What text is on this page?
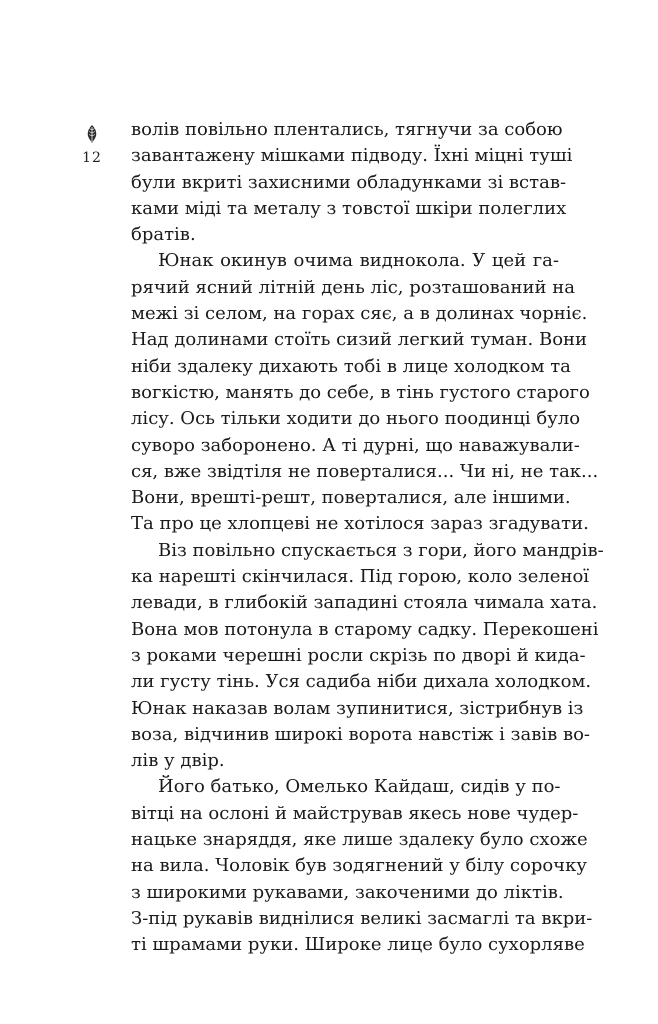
12

волів повільно плентались, тягнучи за собою
завантажену мішками підводу. Їхні міцні туші
були вкриті захисними обладунками зі встав-
ками міді та металу з товстої шкіри полеглих
братів.

Юнак окинув очима виднокола. У цей га-
рячий ясний літній день ліс, розташований на
межі зі селом, на горах сяє, а в долинах чорніє.
Над долинами стоїть сизий легкий туман. Вони
ніби здалеку дихають тобі в лице холодком та
вогкістю, манять до себе, в тінь густого старого
лісу. Ось тільки ходити до нього поодинці було
суворо заборонено. А ті дурні, що наважували-
ся, вже звідтіля не поверталися... Чи ні, не так...
Вони, врешті-решт, поверталися, але іншими.
Та про це хлопцеві не хотілося зараз згадувати.

Віз повільно спускається з гори, його мандрів-
ка нарешті скінчилася. Під горою, коло зеленої
левади, в глибокій западині стояла чимала хата.
Вона мов потонула в старому садку. Перекошені
з роками черешні росли скрізь по дворі й кида-
ли густу тінь. Уся садиба ніби дихала холодком.
Юнак наказав волам зупинитися, зістрибнув із
воза, відчинив широкі ворота навстіж і завів во-
лів у двір.

Його батько, Омелько Кайдаш, сидів у по-
вітці на ослоні й майстрував якесь нове чудер-
нацьке знаряддя, яке лише здалеку було схоже
на вила. Чоловік був зодягнений у білу сорочку
з широкими рукавами, закоченими до ліктів.
З-під рукавів виднілися великі засмаглі та вкри-
ті шрамами руки. Широке лице було сухорляве
